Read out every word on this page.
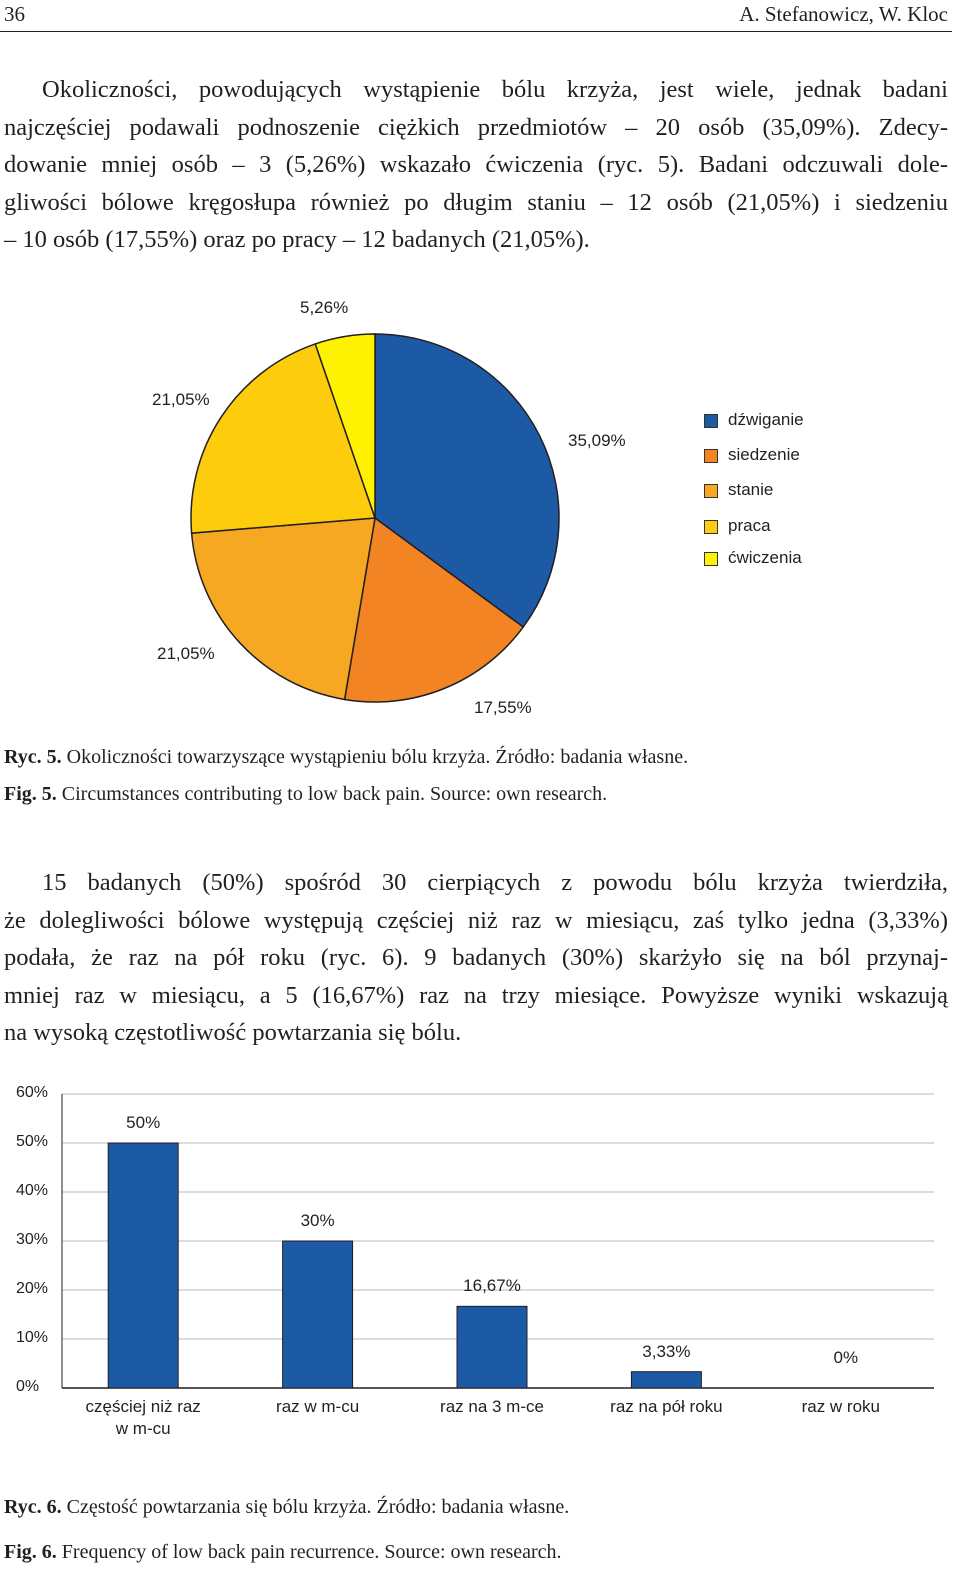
36	A. Stefanowicz, W. Kloc
Okoliczności, powodujących wystąpienie bólu krzyża, jest wiele, jednak badani
najczęściej podawali podnoszenie ciężkich przedmiotów – 20 osób (35,09%). Zdecy-
dowanie mniej osób – 3 (5,26%) wskazało ćwiczenia (ryc. 5). Badani odczuwali dole-
gliwości bólowe kręgosłupa również po długim staniu – 12 osób (21,05%) i siedzeniu
– 10 osób (17,55%) oraz po pracy – 12 badanych (21,05%).
5,26%
21,05%
35,09%
21,05%
17,55%
dźwiganie
siedzenie
stanie
praca
ćwiczenia
Ryc. 5. Okoliczności towarzyszące wystąpieniu bólu krzyża. Źródło: badania własne.
Fig. 5. Circumstances contributing to low back pain. Source: own research.
15 badanych (50%) spośród 30 cierpiących z powodu bólu krzyża twierdziła,
że dolegliwości bólowe występują częściej niż raz w miesiącu, zaś tylko jedna (3,33%)
podała, że raz na pół roku (ryc. 6). 9 badanych (30%) skarżyło się na ból przynaj-
mniej raz w miesiącu, a 5 (16,67%) raz na trzy miesiące. Powyższe wyniki wskazują
na wysoką częstotliwość powtarzania się bólu.
0%
10%
20%
30%
40%
50%
60%
50%
30%
16,67%
3,33%	0%
częściej niż raz
w m-cu
raz w m-cu	raz na 3 m-ce	raz na pół roku	raz w roku
Ryc. 6. Częstość powtarzania się bólu krzyża. Źródło: badania własne.
Fig. 6. Frequency of low back pain recurrence. Source: own research.
